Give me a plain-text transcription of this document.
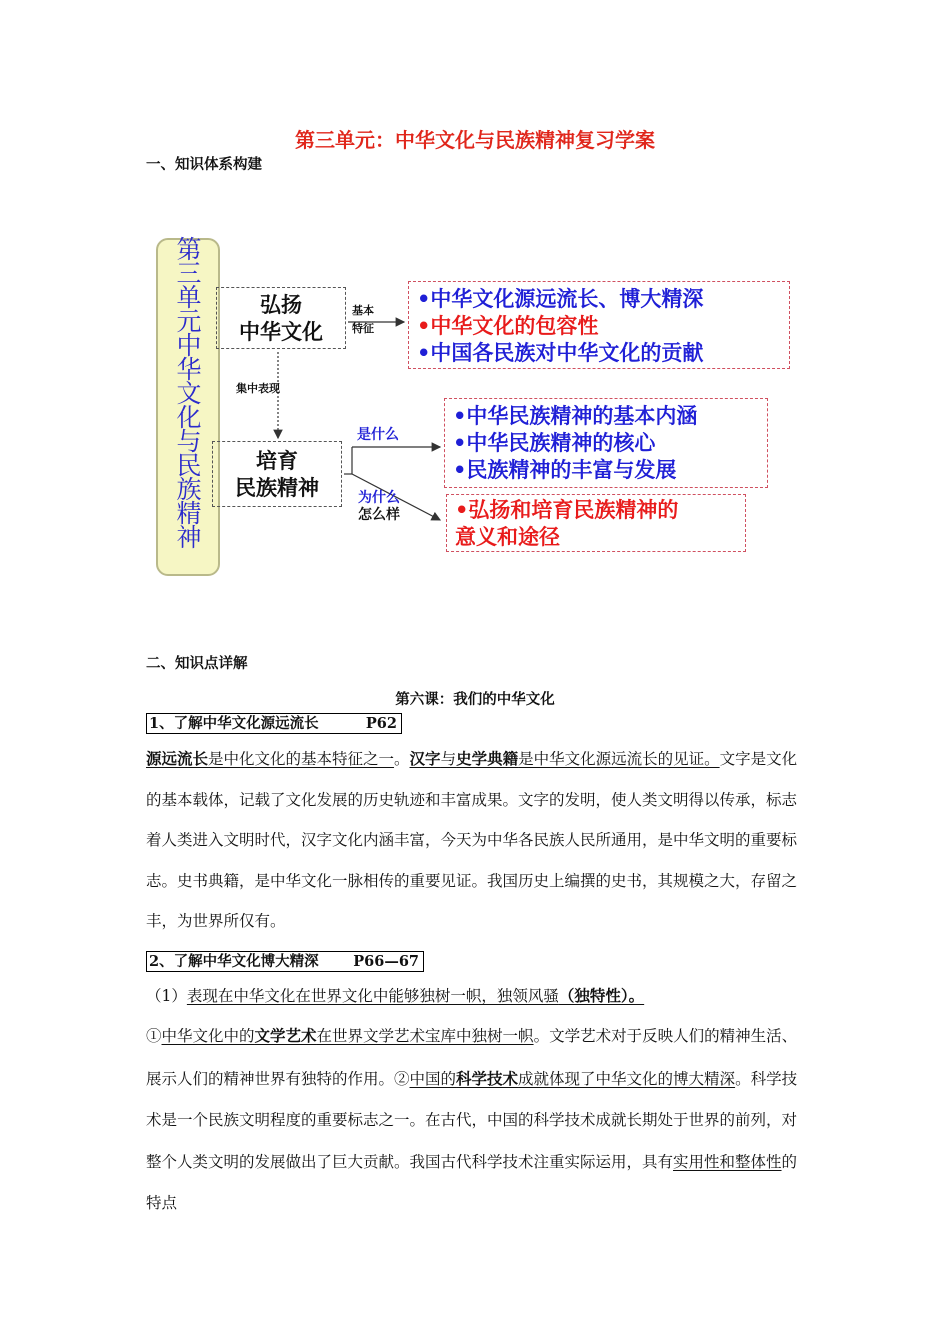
第三单元：中华文化与民族精神复习学案
一、知识体系构建
第三单元中华文化与民族精神	弘扬
中华文化
培育
民族精神
基本
特征
集中表现
是什么
为什么
怎么样
•中华文化源远流长、博大精深
•中华文化的包容性
•中国各民族对中华文化的贡献
•中华民族精神的基本内涵
•中华民族精神的核心
•民族精神的丰富与发展
•弘扬和培育民族精神的
意义和途径
二、知识点详解
第六课：我们的中华文化
1、了解中华文化源远流长	P62
源远流长是中化文化的基本特征之一。汉字与史学典籍是中华文化源远流长的见证。文字是文化的基本载体，记载了文化发展的历史轨迹和丰富成果。文字的发明，使人类文明得以传承，标志着人类进入文明时代，汉字文化内涵丰富，今天为中华各民族人民所通用，是中华文明的重要标志。史书典籍，是中华文化一脉相传的重要见证。我国历史上编撰的史书，其规模之大，存留之丰，为世界所仅有。
2、了解中华文化博大精深 P66—67
（1）表现在中华文化在世界文化中能够独树一帜，独领风骚（独特性）。
①中华文化中的文学艺术在世界文学艺术宝库中独树一帜。文学艺术对于反映人们的精神生活、展示人们的精神世界有独特的作用。②中国的科学技术成就体现了中华文化的博大精深。科学技术是一个民族文明程度的重要标志之一。在古代，中国的科学技术成就长期处于世界的前列，对整个人类文明的发展做出了巨大贡献。我国古代科学技术注重实际运用，具有实用性和整体性的特点
